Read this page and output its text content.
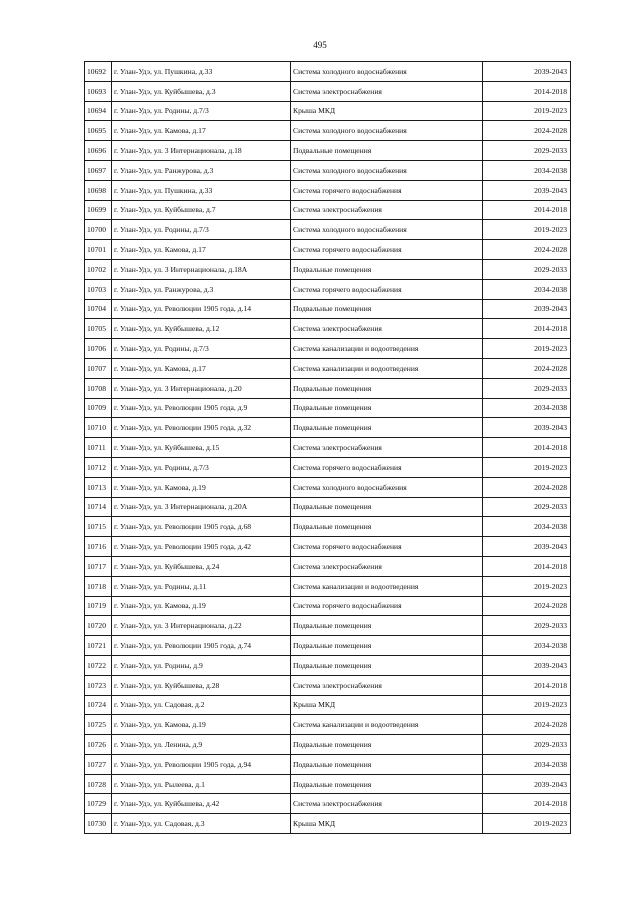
495
10692	г. Улан-Удэ, ул. Пушкина, д.33	Система холодного водоснабжения	2039-2043
10693	г. Улан-Удэ, ул. Куйбышева, д.3	Система электроснабжения	2014-2018
10694	г. Улан-Удэ, ул. Родины, д.7/3	Крыша МКД	2019-2023
10695	г. Улан-Удэ, ул. Камова, д.17	Система холодного водоснабжения	2024-2028
10696	г. Улан-Удэ, ул. 3 Интернационала, д.18	Подвальные помещения	2029-2033
10697	г. Улан-Удэ, ул. Ранжурова, д.3	Система холодного водоснабжения	2034-2038
10698	г. Улан-Удэ, ул. Пушкина, д.33	Система горячего водоснабжения	2039-2043
10699	г. Улан-Удэ, ул. Куйбышева, д.7	Система электроснабжения	2014-2018
10700	г. Улан-Удэ, ул. Родины, д.7/3	Система холодного водоснабжения	2019-2023
10701	г. Улан-Удэ, ул. Камова, д.17	Система горячего водоснабжения	2024-2028
10702	г. Улан-Удэ, ул. 3 Интернационала, д.18А	Подвальные помещения	2029-2033
10703	г. Улан-Удэ, ул. Ранжурова, д.3	Система горячего водоснабжения	2034-2038
10704	г. Улан-Удэ, ул. Революции 1905 года, д.14	Подвальные помещения	2039-2043
10705	г. Улан-Удэ, ул. Куйбышева, д.12	Система электроснабжения	2014-2018
10706	г. Улан-Удэ, ул. Родины, д.7/3	Система канализации и водоотведения	2019-2023
10707	г. Улан-Удэ, ул. Камова, д.17	Система канализации и водоотведения	2024-2028
10708	г. Улан-Удэ, ул. 3 Интернационала, д.20	Подвальные помещения	2029-2033
10709	г. Улан-Удэ, ул. Революции 1905 года, д.9	Подвальные помещения	2034-2038
10710	г. Улан-Удэ, ул. Революции 1905 года, д.32	Подвальные помещения	2039-2043
10711	г. Улан-Удэ, ул. Куйбышева, д.15	Система электроснабжения	2014-2018
10712	г. Улан-Удэ, ул. Родины, д.7/3	Система горячего водоснабжения	2019-2023
10713	г. Улан-Удэ, ул. Камова, д.19	Система холодного водоснабжения	2024-2028
10714	г. Улан-Удэ, ул. 3 Интернационала, д.20А	Подвальные помещения	2029-2033
10715	г. Улан-Удэ, ул. Революции 1905 года, д.68	Подвальные помещения	2034-2038
10716	г. Улан-Удэ, ул. Революции 1905 года, д.42	Система горячего водоснабжения	2039-2043
10717	г. Улан-Удэ, ул. Куйбышева, д.24	Система электроснабжения	2014-2018
10718	г. Улан-Удэ, ул. Родины, д.11	Система канализации и водоотведения	2019-2023
10719	г. Улан-Удэ, ул. Камова, д.19	Система горячего водоснабжения	2024-2028
10720	г. Улан-Удэ, ул. 3 Интернационала, д.22	Подвальные помещения	2029-2033
10721	г. Улан-Удэ, ул. Революции 1905 года, д.74	Подвальные помещения	2034-2038
10722	г. Улан-Удэ, ул. Родины, д.9	Подвальные помещения	2039-2043
10723	г. Улан-Удэ, ул. Куйбышева, д.28	Система электроснабжения	2014-2018
10724	г. Улан-Удэ, ул. Садовая, д.2	Крыша МКД	2019-2023
10725	г. Улан-Удэ, ул. Камова, д.19	Система канализации и водоотведения	2024-2028
10726	г. Улан-Удэ, ул. Ленина, д.9	Подвальные помещения	2029-2033
10727	г. Улан-Удэ, ул. Революции 1905 года, д.94	Подвальные помещения	2034-2038
10728	г. Улан-Удэ, ул. Рылеева, д.1	Подвальные помещения	2039-2043
10729	г. Улан-Удэ, ул. Куйбышева, д.42	Система электроснабжения	2014-2018
10730	г. Улан-Удэ, ул. Садовая, д.3	Крыша МКД	2019-2023
